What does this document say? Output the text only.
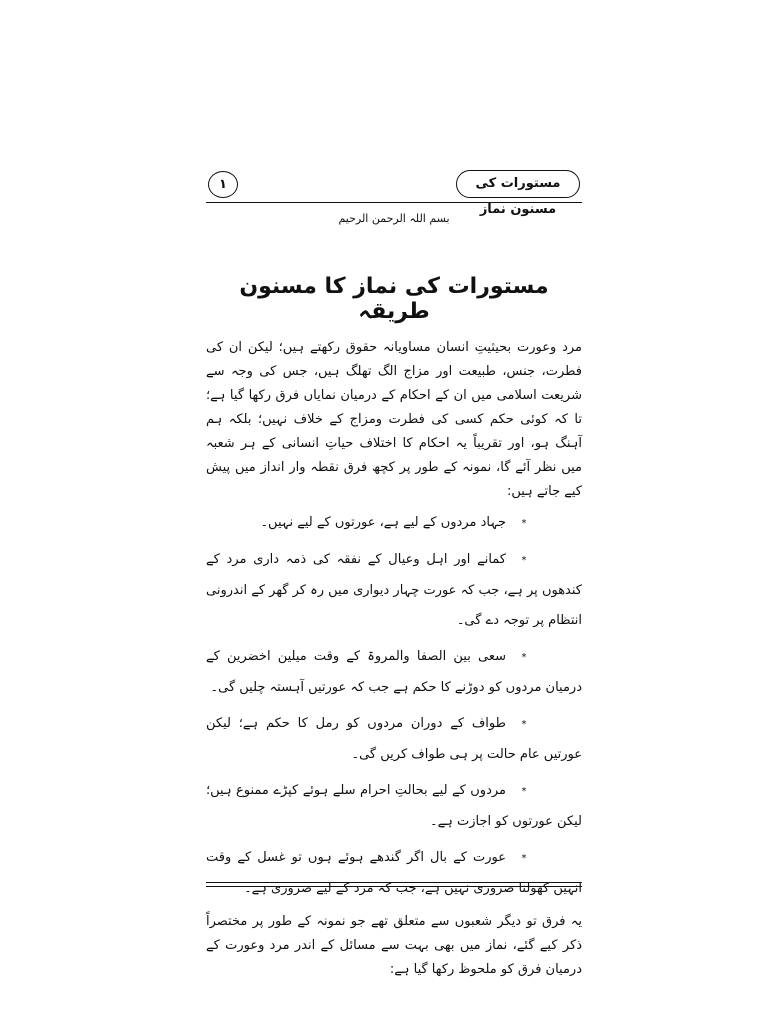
مستورات کی مسنون نماز
۱
بسم اللہ الرحمن الرحیم
مستورات کی نماز کا مسنون طریقہ

مرد وعورت بحیثیتِ انسان مساویانہ حقوق رکھتے ہیں؛ لیکن ان کی فطرت، جنس، طبیعت اور مزاج الگ تھلگ ہیں، جس کی وجہ سے شریعت اسلامی میں ان کے احکام کے درمیان نمایاں فرق رکھا گیا ہے؛ تا کہ کوئی حکم کسی کی فطرت ومزاج کے خلاف نہیں؛ بلکہ ہم آہنگ ہو، اور تقریباً یہ احکام کا اختلاف حیاتِ انسانی کے ہر شعبہ میں نظر آئے گا، نمونہ کے طور پر کچھ فرق نقطہ وار انداز میں پیش کیے جاتے ہیں:

*جہاد مردوں کے لیے ہے، عورتوں کے لیے نہیں۔
*کمانے اور اہل وعیال کے نفقہ کی ذمہ داری مرد کے کندھوں پر ہے، جب کہ عورت چہار دیواری میں رہ کر گھر کے اندرونی انتظام پر توجہ دے گی۔
*سعی بین الصفا والمروۃ کے وقت میلین اخضرین کے درمیان مردوں کو دوڑنے کا حکم ہے جب کہ عورتیں آہستہ چلیں گی۔
*طواف کے دوران مردوں کو رمل کا حکم ہے؛ لیکن عورتیں عام حالت پر ہی طواف کریں گی۔
*مردوں کے لیے بحالتِ احرام سلے ہوئے کپڑے ممنوع ہیں؛ لیکن عورتوں کو اجازت ہے۔
*عورت کے بال اگر گندھے ہوئے ہوں تو غسل کے وقت انہیں کھولنا ضروری نہیں ہے، جب کہ مرد کے لیے ضروری ہے۔

یہ فرق تو دیگر شعبوں سے متعلق تھے جو نمونہ کے طور پر مختصراً ذکر کیے گئے، نماز میں بھی بہت سے مسائل کے اندر مرد وعورت کے درمیان فرق کو ملحوظ رکھا گیا ہے:
